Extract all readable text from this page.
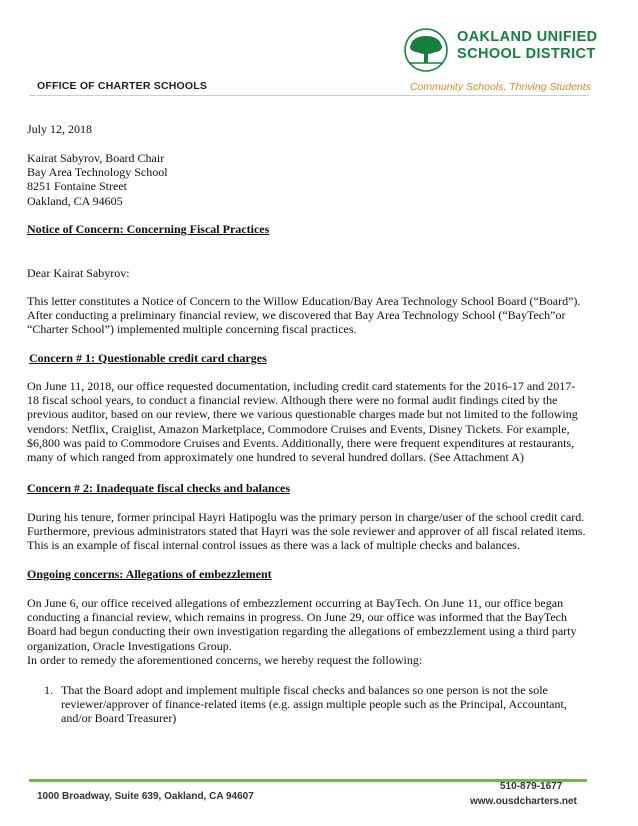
OFFICE OF CHARTER SCHOOLS
OAKLAND UNIFIED
SCHOOL DISTRICT
Community Schools, Thriving Students
July 12, 2018

Kairat Sabyrov, Board Chair

Bay Area Technology School

8251 Fontaine Street

Oakland, CA 94605

Notice of Concern: Concerning Fiscal Practices
Dear Kairat Sabyrov:
This letter constitutes a Notice of Concern to the Willow Education/Bay Area Technology School Board (“Board”). After conducting a preliminary financial review, we discovered that Bay Area Technology School (“BayTech”or “Charter School”) implemented multiple concerning fiscal practices.
Concern # 1: Questionable credit card charges
On June 11, 2018, our office requested documentation, including credit card statements for the 2016-17 and 2017-18 fiscal school years, to conduct a financial review. Although there were no formal audit findings cited by the previous auditor, based on our review, there we various questionable charges made but not limited to the following vendors: Netflix, Craiglist, Amazon Marketplace, Commodore Cruises and Events, Disney Tickets. For example, $6,800 was paid to Commodore Cruises and Events. Additionally, there were frequent expenditures at restaurants, many of which ranged from approximately one hundred to several hundred dollars. (See Attachment A)
Concern # 2: Inadequate fiscal checks and balances
During his tenure, former principal Hayri Hatipoglu was the primary person in charge/user of the school credit card. Furthermore, previous administrators stated that Hayri was the sole reviewer and approver of all fiscal related items. This is an example of fiscal internal control issues as there was a lack of multiple checks and balances.
Ongoing concerns: Allegations of embezzlement
On June 6, our office received allegations of embezzlement occurring at BayTech. On June 11, our office began conducting a financial review, which remains in progress. On June 29, our office was informed that the BayTech Board had begun conducting their own investigation regarding the allegations of embezzlement using a third party organization, Oracle Investigations Group.
In order to remedy the aforementioned concerns, we hereby request the following:
1. That the Board adopt and implement multiple fiscal checks and balances so one person is not the sole reviewer/approver of finance-related items (e.g. assign multiple people such as the Principal, Accountant, and/or Board Treasurer)
1000 Broadway, Suite 639, Oakland, CA 94607
510-879-1677
www.ousdcharters.net
